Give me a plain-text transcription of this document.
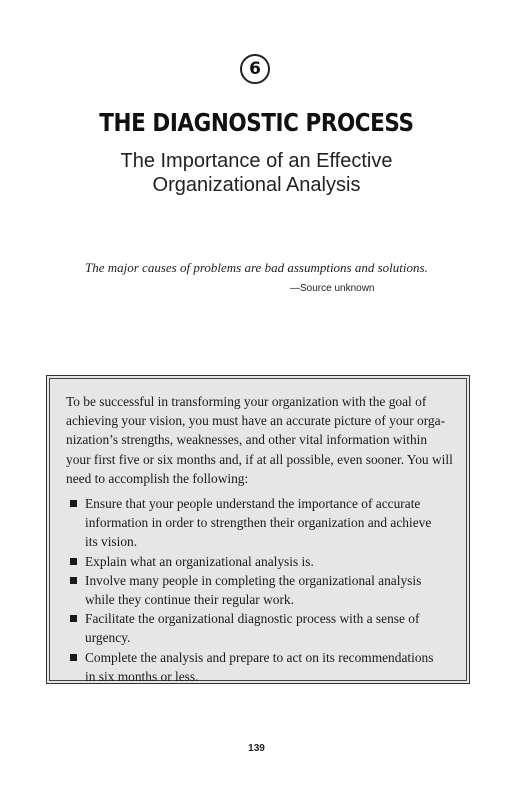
6
THE DIAGNOSTIC PROCESS
The Importance of an Effective
Organizational Analysis
The major causes of problems are bad assumptions and solutions.
—Source unknown

To be successful in transforming your organization with the goal of
achieving your vision, you must have an accurate picture of your orga-
nization’s strengths, weaknesses, and other vital information within
your first five or six months and, if at all possible, even sooner. You will
need to accomplish the following:

Ensure that your people understand the importance of accurate
information in order to strengthen their organization and achieve
its vision.
Explain what an organizational analysis is.
Involve many people in completing the organizational analysis
while they continue their regular work.
Facilitate the organizational diagnostic process with a sense of
urgency.
Complete the analysis and prepare to act on its recommendations
in six months or less.
139
